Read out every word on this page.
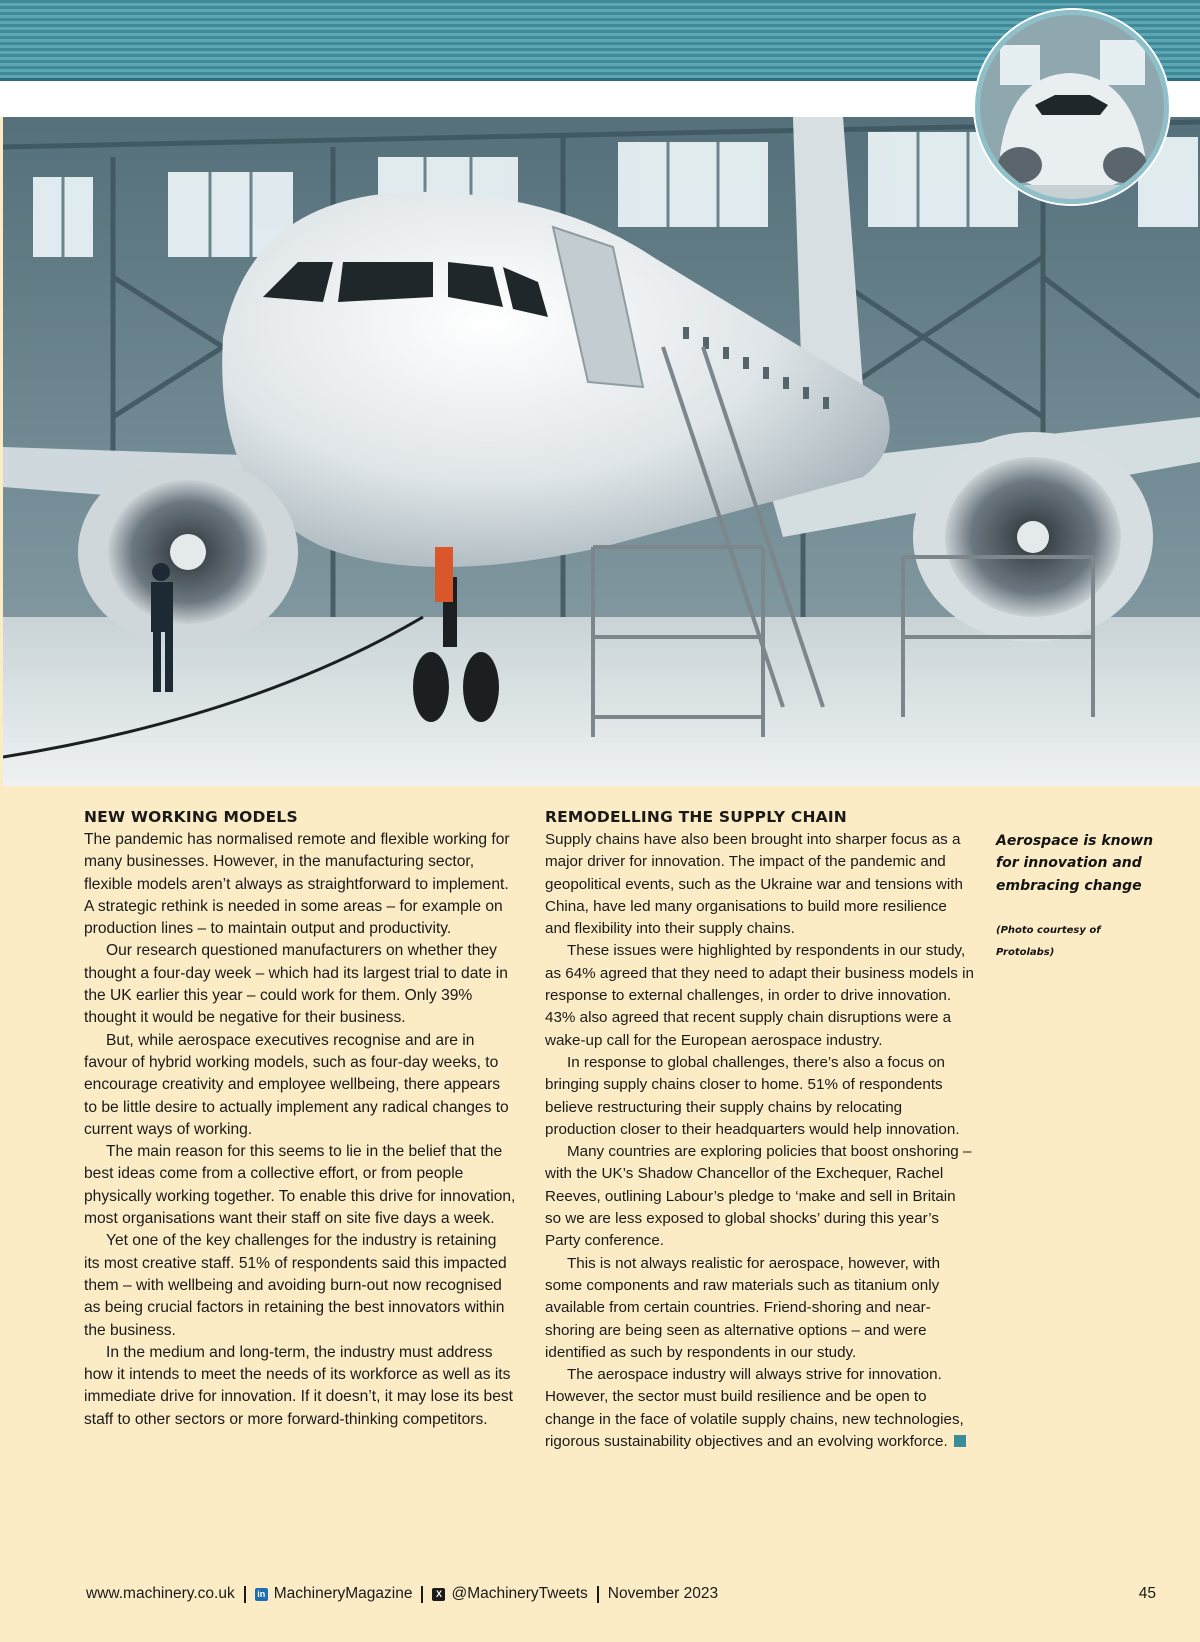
NEW WORKING MODELS

The pandemic has normalised remote and flexible working for many businesses. However, in the manufacturing sector, flexible models aren’t always as straightforward to implement. A strategic rethink is needed in some areas – for example on production lines – to maintain output and productivity.

Our research questioned manufacturers on whether they thought a four-day week – which had its largest trial to date in the UK earlier this year – could work for them. Only 39% thought it would be negative for their business.

But, while aerospace executives recognise and are in favour of hybrid working models, such as four-day weeks, to encourage creativity and employee wellbeing, there appears to be little desire to actually implement any radical changes to current ways of working.

The main reason for this seems to lie in the belief that the best ideas come from a collective effort, or from people physically working together. To enable this drive for innovation, most organisations want their staff on site five days a week.

Yet one of the key challenges for the industry is retaining its most creative staff. 51% of respondents said this impacted them – with wellbeing and avoiding burn-out now recognised as being crucial factors in retaining the best innovators within the business.

In the medium and long-term, the industry must address how it intends to meet the needs of its workforce as well as its immediate drive for innovation. If it doesn’t, it may lose its best staff to other sectors or more forward-thinking competitors.

REMODELLING THE SUPPLY CHAIN

Supply chains have also been brought into sharper focus as a major driver for innovation. The impact of the pandemic and geopolitical events, such as the Ukraine war and tensions with China, have led many organisations to build more resilience and flexibility into their supply chains.

These issues were highlighted by respondents in our study, as 64% agreed that they need to adapt their business models in response to external challenges, in order to drive innovation. 43% also agreed that recent supply chain disruptions were a wake-up call for the European aerospace industry.

In response to global challenges, there’s also a focus on bringing supply chains closer to home. 51% of respondents believe restructuring their supply chains by relocating production closer to their headquarters would help innovation.

Many countries are exploring policies that boost onshoring – with the UK’s Shadow Chancellor of the Exchequer, Rachel Reeves, outlining Labour’s pledge to ‘make and sell in Britain so we are less exposed to global shocks’ during this year’s Party conference.

This is not always realistic for aerospace, however, with some components and raw materials such as titanium only available from certain countries. Friend-shoring and near-shoring are being seen as alternative options – and were identified as such by respondents in our study.

The aerospace industry will always strive for innovation. However, the sector must build resilience and be open to change in the face of volatile supply chains, new technologies, rigorous sustainability objectives and an evolving workforce.

Aerospace is known for innovation and embracing change
(Photo courtesy of Protolabs)
www.machinery.co.uk	in MachineryMagazine	X @MachineryTweets November 2023	45
